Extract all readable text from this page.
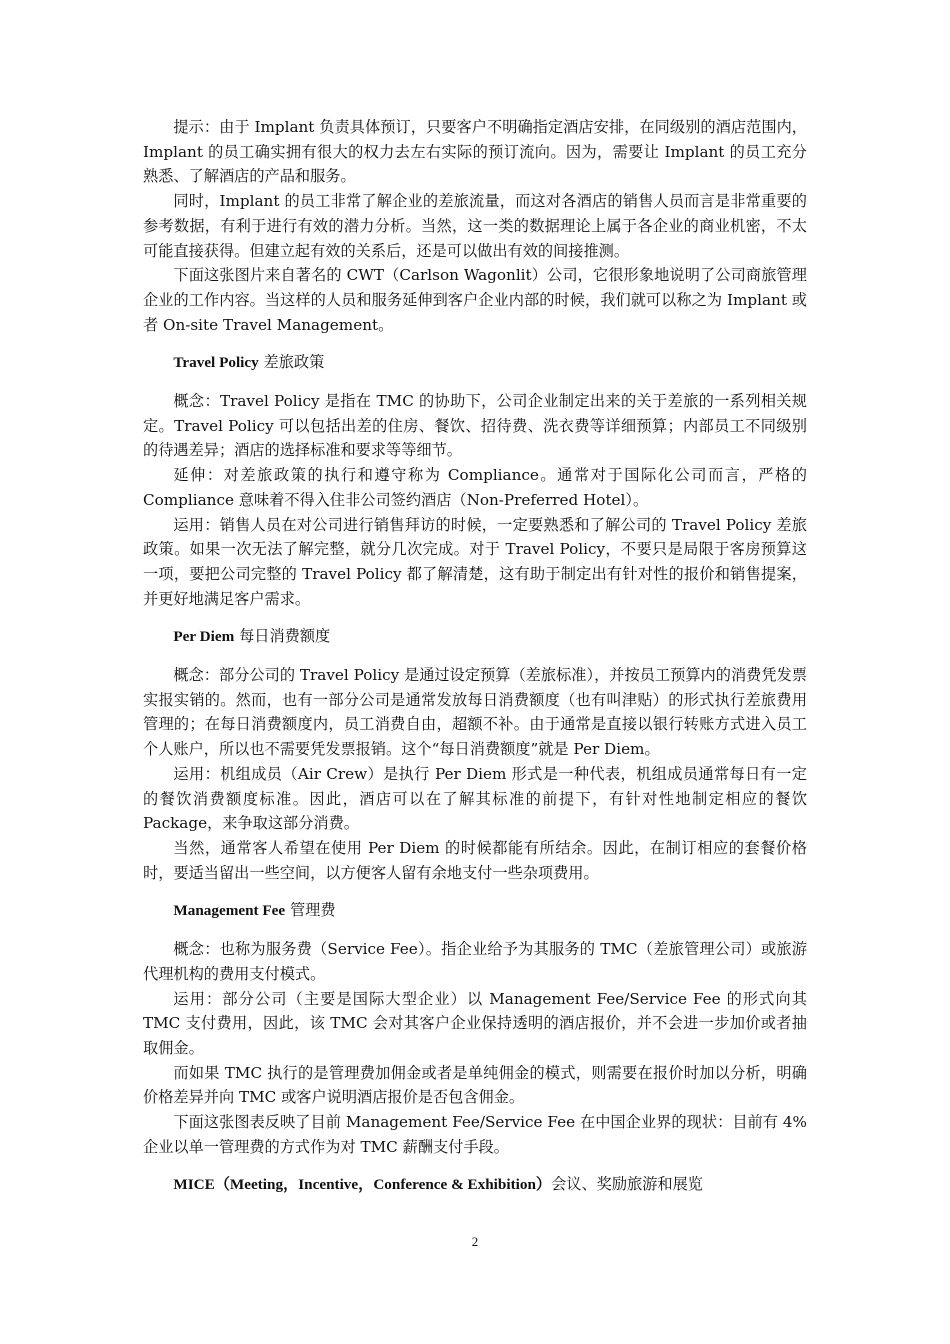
提示：由于 Implant 负责具体预订，只要客户不明确指定酒店安排，在同级别的酒店范围内，Implant 的员工确实拥有很大的权力去左右实际的预订流向。因为，需要让 Implant 的员工充分熟悉、了解酒店的产品和服务。

同时，Implant 的员工非常了解企业的差旅流量，而这对各酒店的销售人员而言是非常重要的参考数据，有利于进行有效的潜力分析。当然，这一类的数据理论上属于各企业的商业机密，不太可能直接获得。但建立起有效的关系后，还是可以做出有效的间接推测。

下面这张图片来自著名的 CWT（Carlson Wagonlit）公司，它很形象地说明了公司商旅管理企业的工作内容。当这样的人员和服务延伸到客户企业内部的时候，我们就可以称之为 Implant 或者 On-site Travel Management。

Travel Policy 差旅政策

概念：Travel Policy 是指在 TMC 的协助下，公司企业制定出来的关于差旅的一系列相关规定。Travel Policy 可以包括出差的住房、餐饮、招待费、洗衣费等详细预算；内部员工不同级别的待遇差异；酒店的选择标准和要求等等细节。

延伸：对差旅政策的执行和遵守称为 Compliance。通常对于国际化公司而言，严格的 Compliance 意味着不得入住非公司签约酒店（Non-Preferred Hotel）。

运用：销售人员在对公司进行销售拜访的时候，一定要熟悉和了解公司的 Travel Policy 差旅政策。如果一次无法了解完整，就分几次完成。对于 Travel Policy，不要只是局限于客房预算这一项，要把公司完整的 Travel Policy 都了解清楚，这有助于制定出有针对性的报价和销售提案，并更好地满足客户需求。

Per Diem 每日消费额度

概念：部分公司的 Travel Policy 是通过设定预算（差旅标准），并按员工预算内的消费凭发票实报实销的。然而，也有一部分公司是通常发放每日消费额度（也有叫津贴）的形式执行差旅费用管理的；在每日消费额度内，员工消费自由，超额不补。由于通常是直接以银行转账方式进入员工个人账户，所以也不需要凭发票报销。这个“每日消费额度”就是 Per Diem。

运用：机组成员（Air Crew）是执行 Per Diem 形式是一种代表，机组成员通常每日有一定的餐饮消费额度标准。因此，酒店可以在了解其标准的前提下，有针对性地制定相应的餐饮 Package，来争取这部分消费。

当然，通常客人希望在使用 Per Diem 的时候都能有所结余。因此，在制订相应的套餐价格时，要适当留出一些空间，以方便客人留有余地支付一些杂项费用。

Management Fee 管理费

概念：也称为服务费（Service Fee）。指企业给予为其服务的 TMC（差旅管理公司）或旅游代理机构的费用支付模式。

运用：部分公司（主要是国际大型企业）以 Management Fee/Service Fee 的形式向其 TMC 支付费用，因此，该 TMC 会对其客户企业保持透明的酒店报价，并不会进一步加价或者抽取佣金。

而如果 TMC 执行的是管理费加佣金或者是单纯佣金的模式，则需要在报价时加以分析，明确价格差异并向 TMC 或客户说明酒店报价是否包含佣金。

下面这张图表反映了目前 Management Fee/Service Fee 在中国企业界的现状：目前有 4%企业以单一管理费的方式作为对 TMC 薪酬支付手段。

MICE（Meeting，Incentive，Conference & Exhibition）会议、奖励旅游和展览
2
